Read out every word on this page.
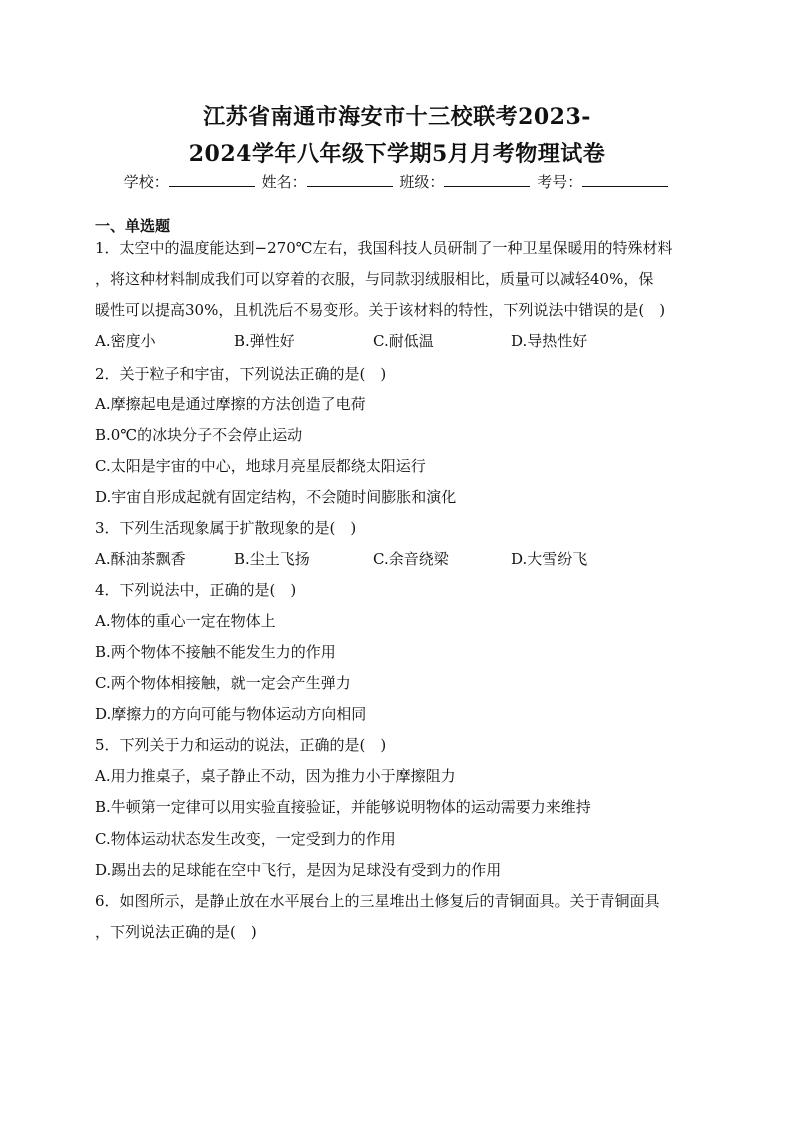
江苏省南通市海安市十三校联考2023-
2024学年八年级下学期5月月考物理试卷
学校：	姓名：	班级：	考号：
一、单选题
1．太空中的温度能达到−270℃左右，我国科技人员研制了一种卫星保暖用的特殊材料
，将这种材料制成我们可以穿着的衣服，与同款羽绒服相比，质量可以减轻40%，保
暖性可以提高30%，且机洗后不易变形。关于该材料的特性，下列说法中错误的是(　)
A.密度小	B.弹性好	C.耐低温	D.导热性好
2．关于粒子和宇宙，下列说法正确的是(　)
A.摩擦起电是通过摩擦的方法创造了电荷
B.0℃的冰块分子不会停止运动
C.太阳是宇宙的中心，地球月亮星辰都绕太阳运行
D.宇宙自形成起就有固定结构，不会随时间膨胀和演化
3．下列生活现象属于扩散现象的是(　)
A.酥油茶飘香	B.尘土飞扬	C.余音绕梁	D.大雪纷飞
4．下列说法中，正确的是(　)
A.物体的重心一定在物体上
B.两个物体不接触不能发生力的作用
C.两个物体相接触，就一定会产生弹力
D.摩擦力的方向可能与物体运动方向相同
5．下列关于力和运动的说法，正确的是(　)
A.用力推桌子，桌子静止不动，因为推力小于摩擦阻力
B.牛顿第一定律可以用实验直接验证，并能够说明物体的运动需要力来维持
C.物体运动状态发生改变，一定受到力的作用
D.踢出去的足球能在空中飞行，是因为足球没有受到力的作用
6．如图所示，是静止放在水平展台上的三星堆出土修复后的青铜面具。关于青铜面具
，下列说法正确的是(　)
